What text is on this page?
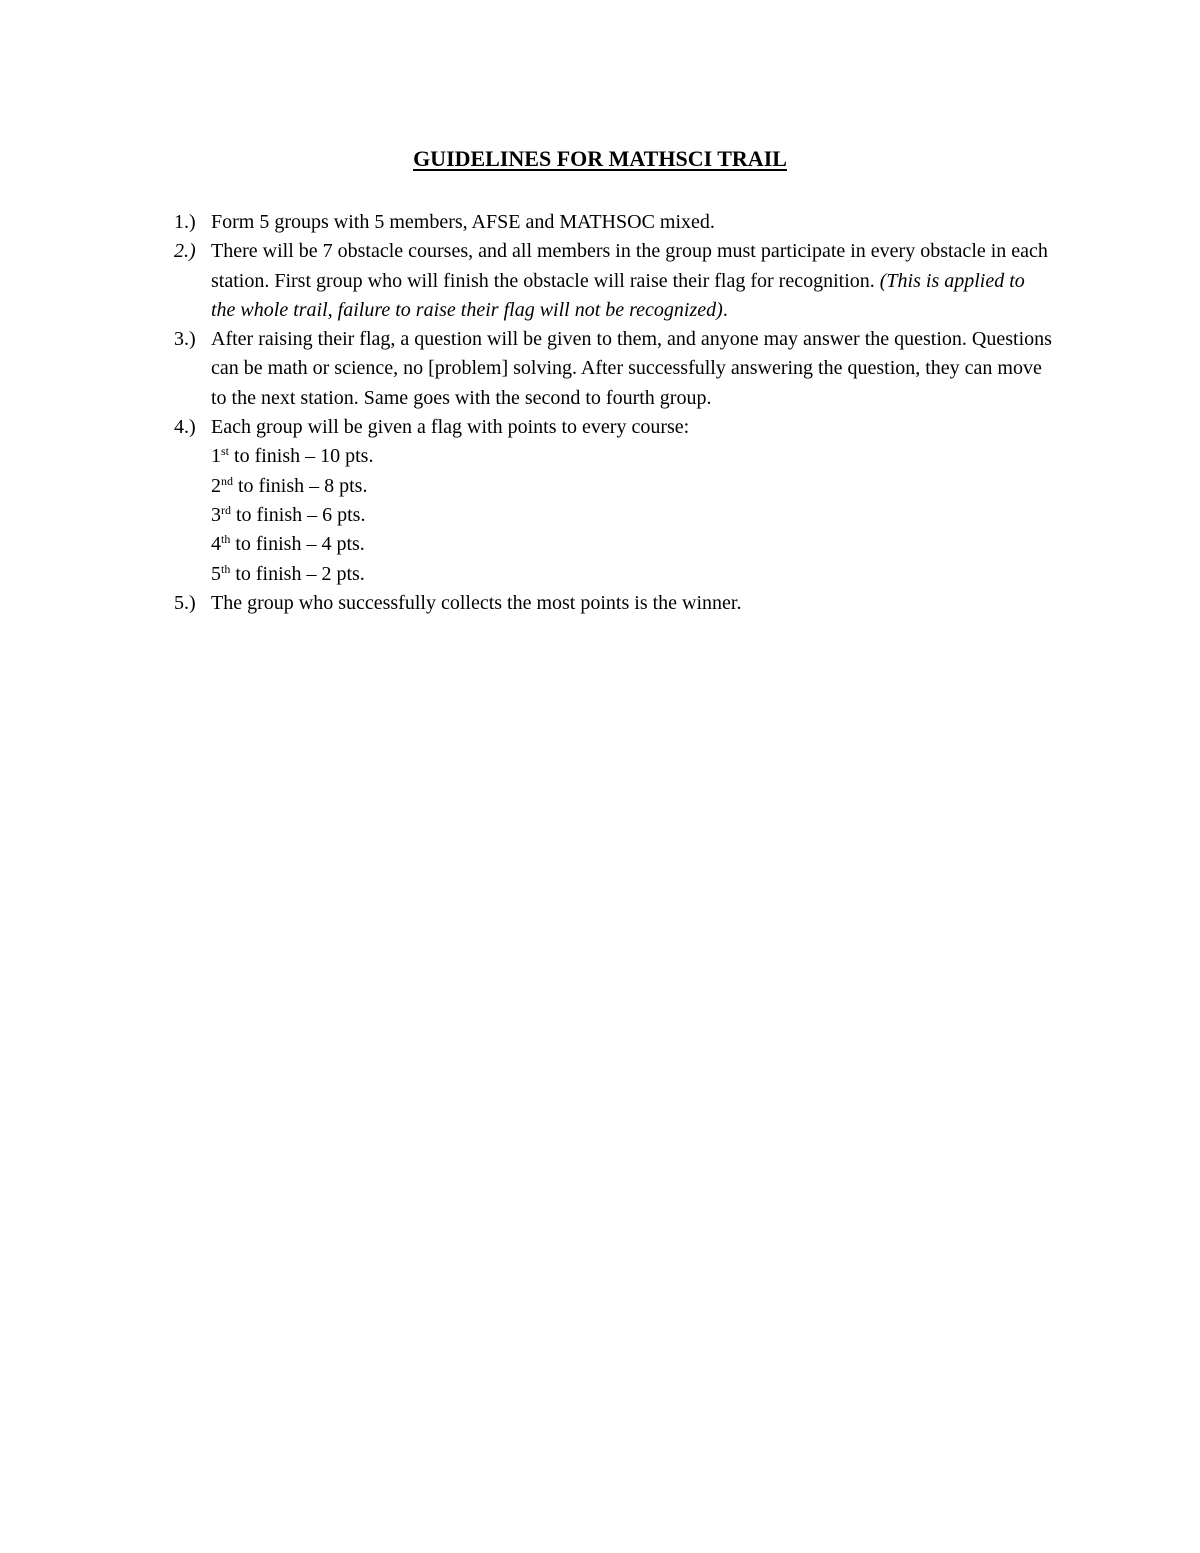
GUIDELINES FOR MATHSCI TRAIL
1.) Form 5 groups with 5 members, AFSE and MATHSOC mixed.
2.) There will be 7 obstacle courses, and all members in the group must participate in every obstacle in each station. First group who will finish the obstacle will raise their flag for recognition. (This is applied to the whole trail, failure to raise their flag will not be recognized).
3.) After raising their flag, a question will be given to them, and anyone may answer the question. Questions can be math or science, no [problem] solving. After successfully answering the question, they can move to the next station. Same goes with the second to fourth group.
4.) Each group will be given a flag with points to every course:
1st to finish – 10 pts.
2nd to finish – 8 pts.
3rd to finish – 6 pts.
4th to finish – 4 pts.
5th to finish – 2 pts.
5.) The group who successfully collects the most points is the winner.
